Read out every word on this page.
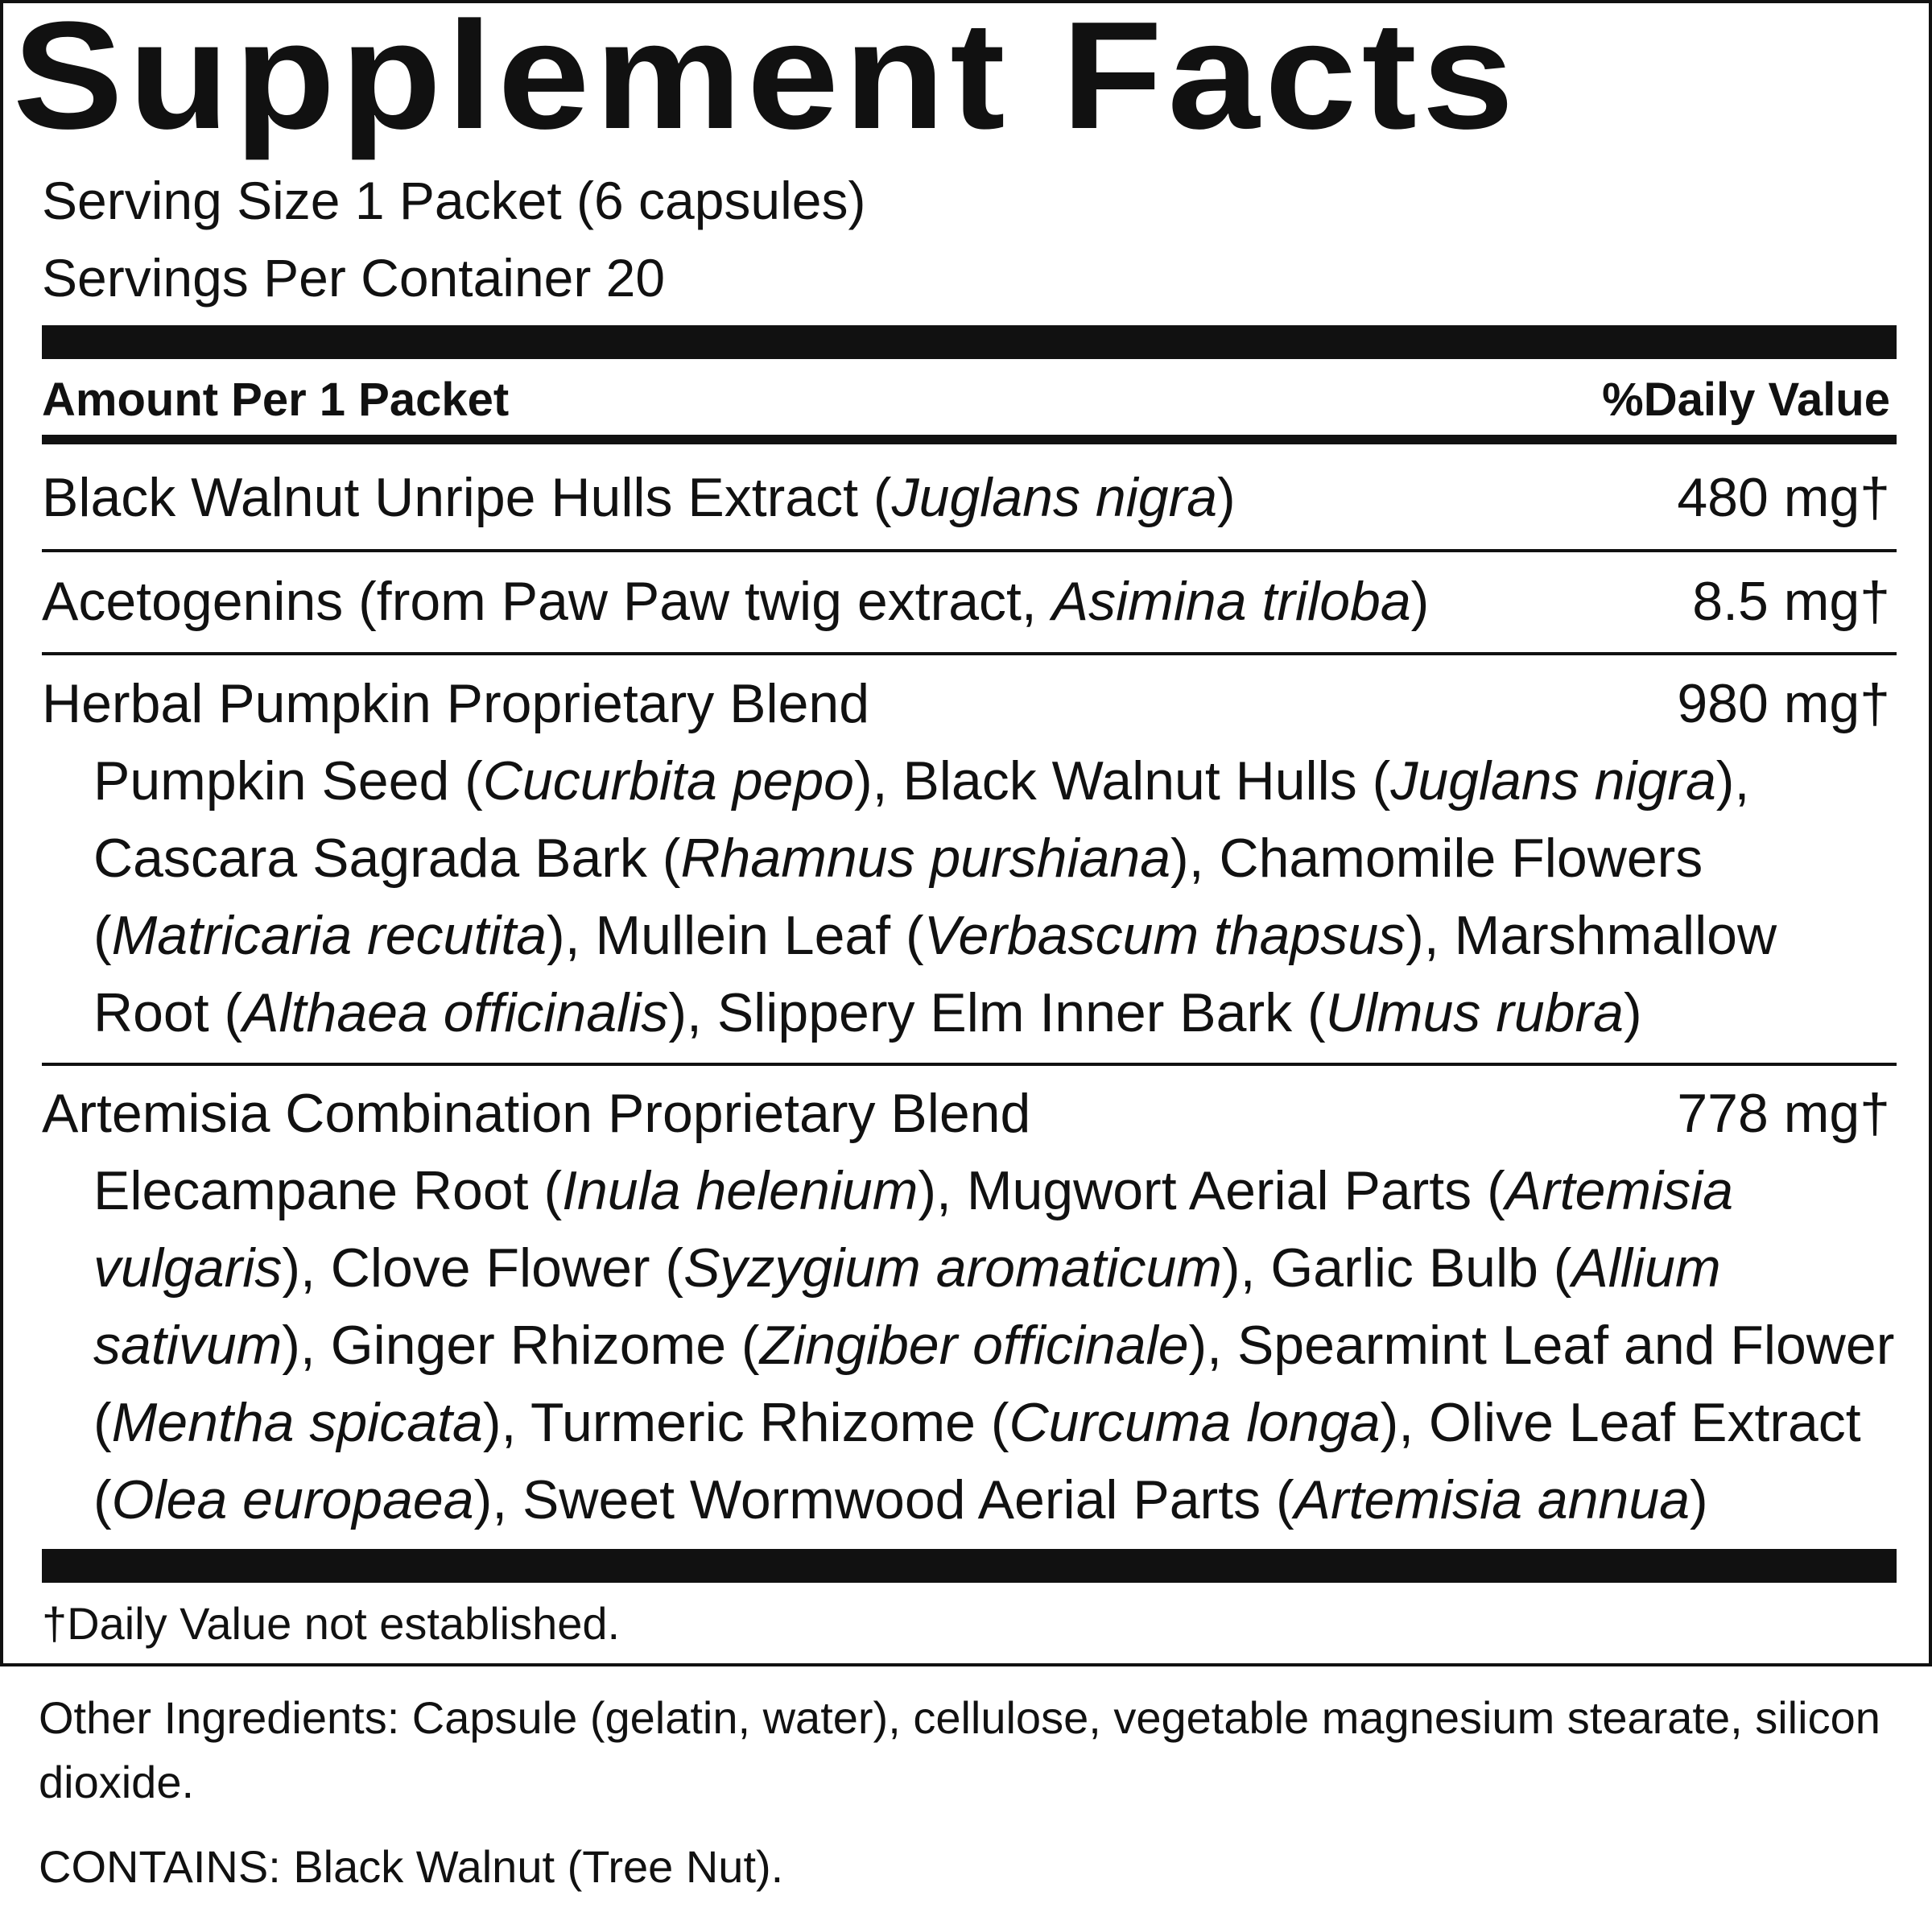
Supplement Facts
Serving Size 1 Packet (6 capsules)
Servings Per Container 20
Amount Per 1 Packet	%Daily Value
Black Walnut Unripe Hulls Extract (Juglans nigra)	480 mg†
Acetogenins (from Paw Paw twig extract, Asimina triloba)	8.5 mg†
Herbal Pumpkin Proprietary Blend	980 mg†
Pumpkin Seed (Cucurbita pepo), Black Walnut Hulls (Juglans nigra),
Cascara Sagrada Bark (Rhamnus purshiana), Chamomile Flowers
(Matricaria recutita), Mullein Leaf (Verbascum thapsus), Marshmallow
Root (Althaea officinalis), Slippery Elm Inner Bark (Ulmus rubra)
Artemisia Combination Proprietary Blend	778 mg†
Elecampane Root (Inula helenium), Mugwort Aerial Parts (Artemisia
vulgaris), Clove Flower (Syzygium aromaticum), Garlic Bulb (Allium
sativum), Ginger Rhizome (Zingiber officinale), Spearmint Leaf and Flower
(Mentha spicata), Turmeric Rhizome (Curcuma longa), Olive Leaf Extract
(Olea europaea), Sweet Wormwood Aerial Parts (Artemisia annua)
†Daily Value not established.
Other Ingredients: Capsule (gelatin, water), cellulose, vegetable magnesium stearate, silicon dioxide.
CONTAINS: Black Walnut (Tree Nut).
